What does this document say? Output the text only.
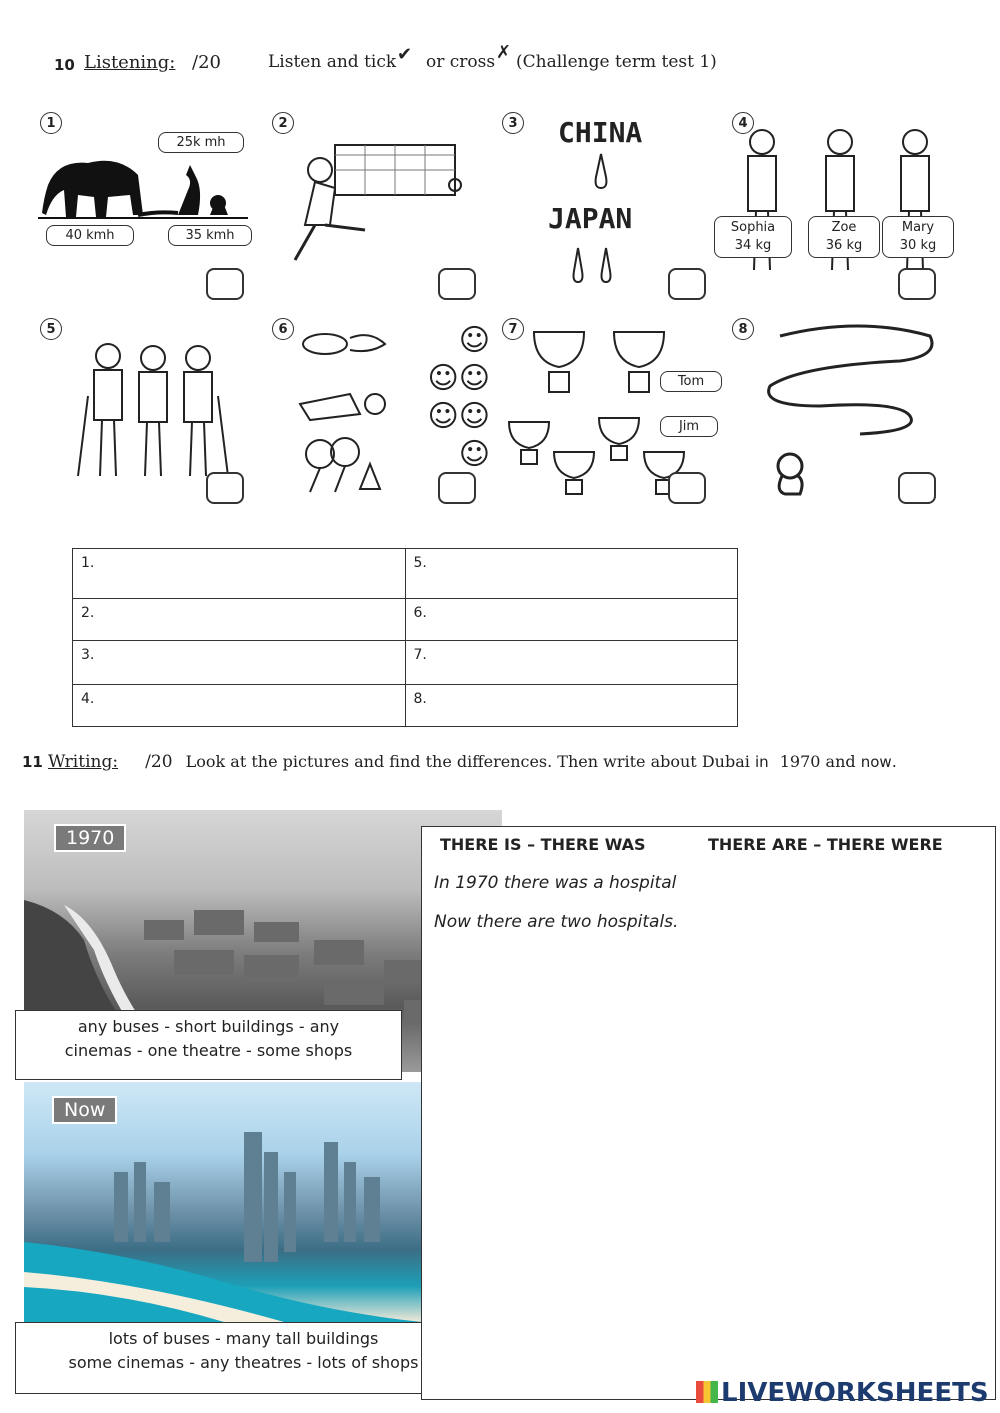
10 Listening: /20	Listen and tick ✔ or cross ✗ (Challenge term test 1)
1
25k mh
40 kmh	35 kmh
2	3 CHINA
JAPAN
4
Sophia
34 kg
Zoe
36 kg
Mary
30 kg
5	6	☺
☺☺
☺☺☺
7
Tom
Jim
8
1.	5.
2.	6.
3.	7.
4.	8.
11 Writing: /20 Look at the pictures and find the differences. Then write about Dubai in 1970 and now.
1970
any buses - short buildings - any
cinemas - one theatre - some shops
Now
lots of buses - many tall buildings
some cinemas - any theatres - lots of shops
THERE IS – THERE WAS	THERE ARE – THERE WERE
In 1970 there was a hospital
Now there are two hospitals.
LIVEWORKSHEETS
